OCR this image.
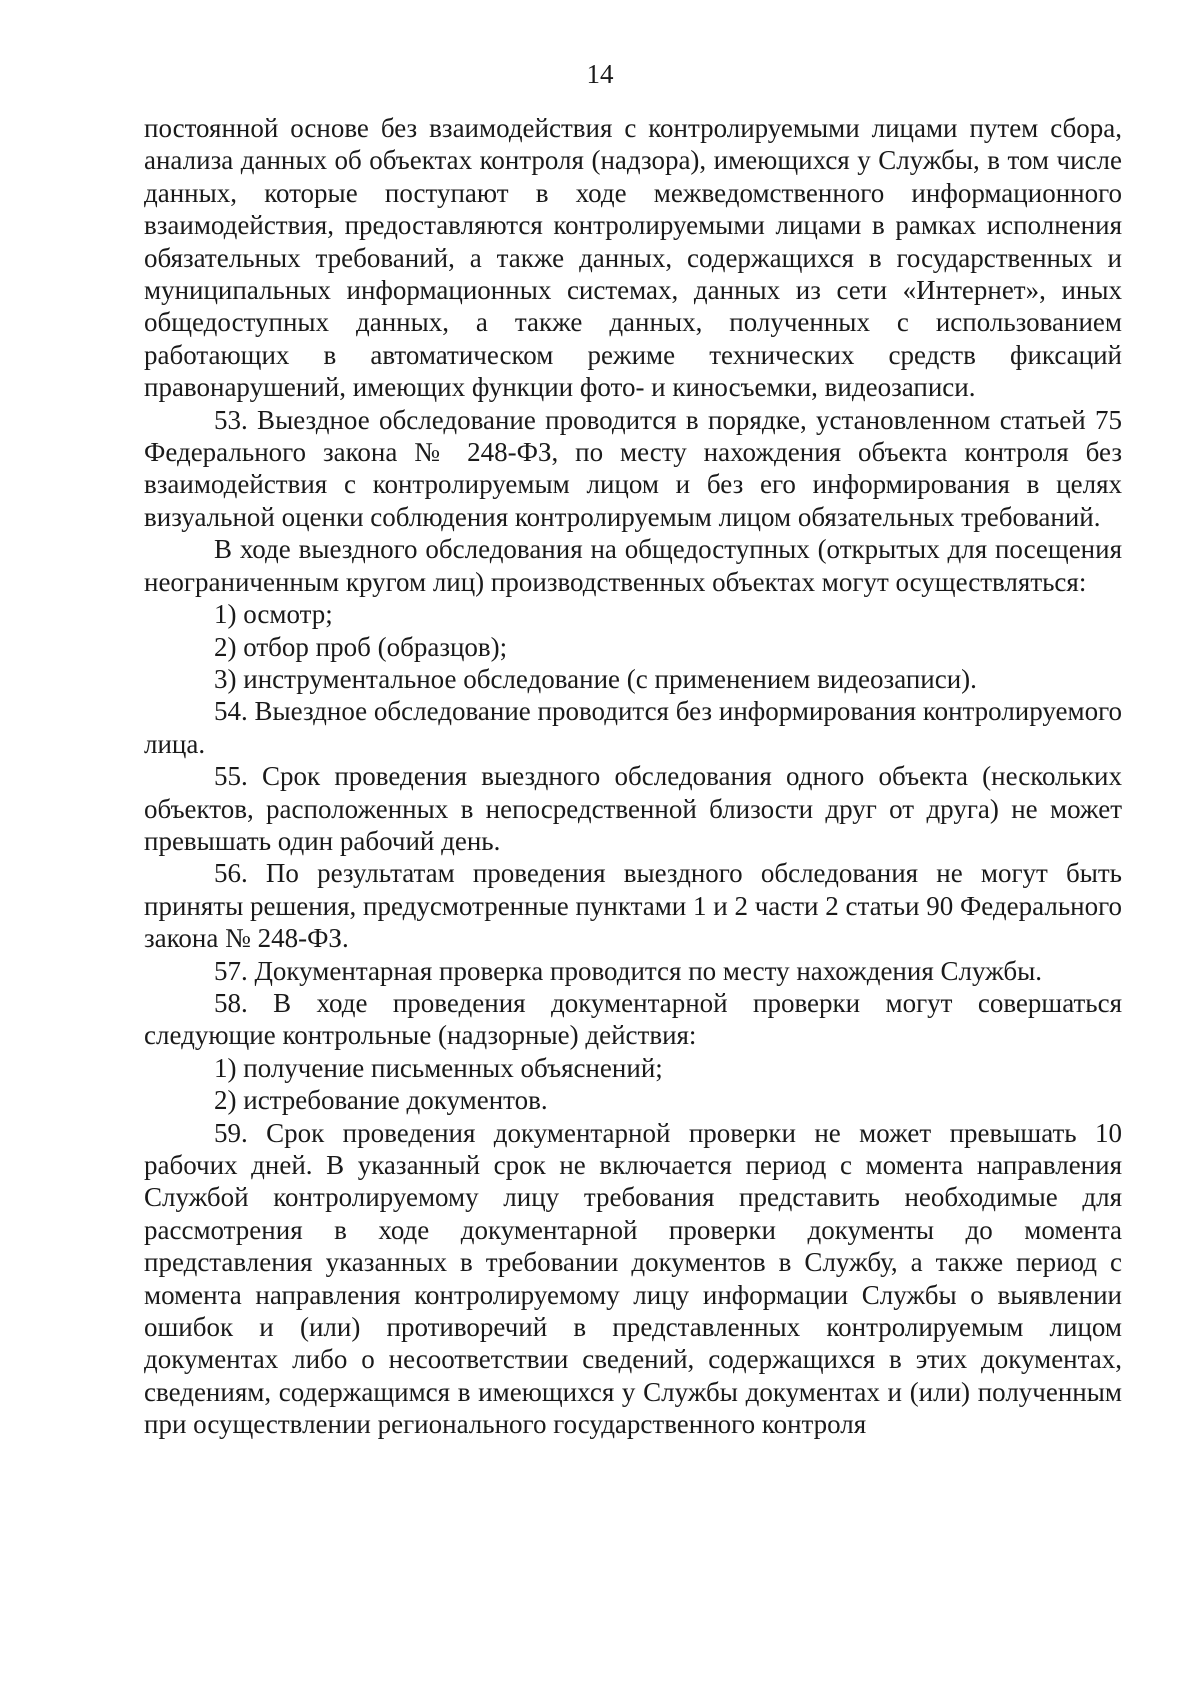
14

постоянной основе без взаимодействия с контролируемыми лицами путем сбора, анализа данных об объектах контроля (надзора), имеющихся у Службы, в том числе данных, которые поступают в ходе межведомственного информационного взаимодействия, предоставляются контролируемыми лицами в рамках исполнения обязательных требований, а также данных, содержащихся в государственных и муниципальных информационных системах, данных из сети «Интернет», иных общедоступных данных, а также данных, полученных с использованием работающих в автоматическом режиме технических средств фиксаций правонарушений, имеющих функции фото- и киносъемки, видеозаписи.

53. Выездное обследование проводится в порядке, установленном статьей 75 Федерального закона № 248-ФЗ, по месту нахождения объекта контроля без взаимодействия с контролируемым лицом и без его информирования в целях визуальной оценки соблюдения контролируемым лицом обязательных требований.

В ходе выездного обследования на общедоступных (открытых для посещения неограниченным кругом лиц) производственных объектах могут осуществляться:

1) осмотр;

2) отбор проб (образцов);

3) инструментальное обследование (с применением видеозаписи).

54. Выездное обследование проводится без информирования контролируемого лица.

55. Срок проведения выездного обследования одного объекта (нескольких объектов, расположенных в непосредственной близости друг от друга) не может превышать один рабочий день.

56. По результатам проведения выездного обследования не могут быть приняты решения, предусмотренные пунктами 1 и 2 части 2 статьи 90 Федерального закона № 248-ФЗ.

57. Документарная проверка проводится по месту нахождения Службы.

58. В ходе проведения документарной проверки могут совершаться следующие контрольные (надзорные) действия:

1) получение письменных объяснений;

2) истребование документов.

59. Срок проведения документарной проверки не может превышать 10 рабочих дней. В указанный срок не включается период с момента направления Службой контролируемому лицу требования представить необходимые для рассмотрения в ходе документарной проверки документы до момента представления указанных в требовании документов в Службу, а также период с момента направления контролируемому лицу информации Службы о выявлении ошибок и (или) противоречий в представленных контролируемым лицом документах либо о несоответствии сведений, содержащихся в этих документах, сведениям, содержащимся в имеющихся у Службы документах и (или) полученным при осуществлении регионального государственного контроля
